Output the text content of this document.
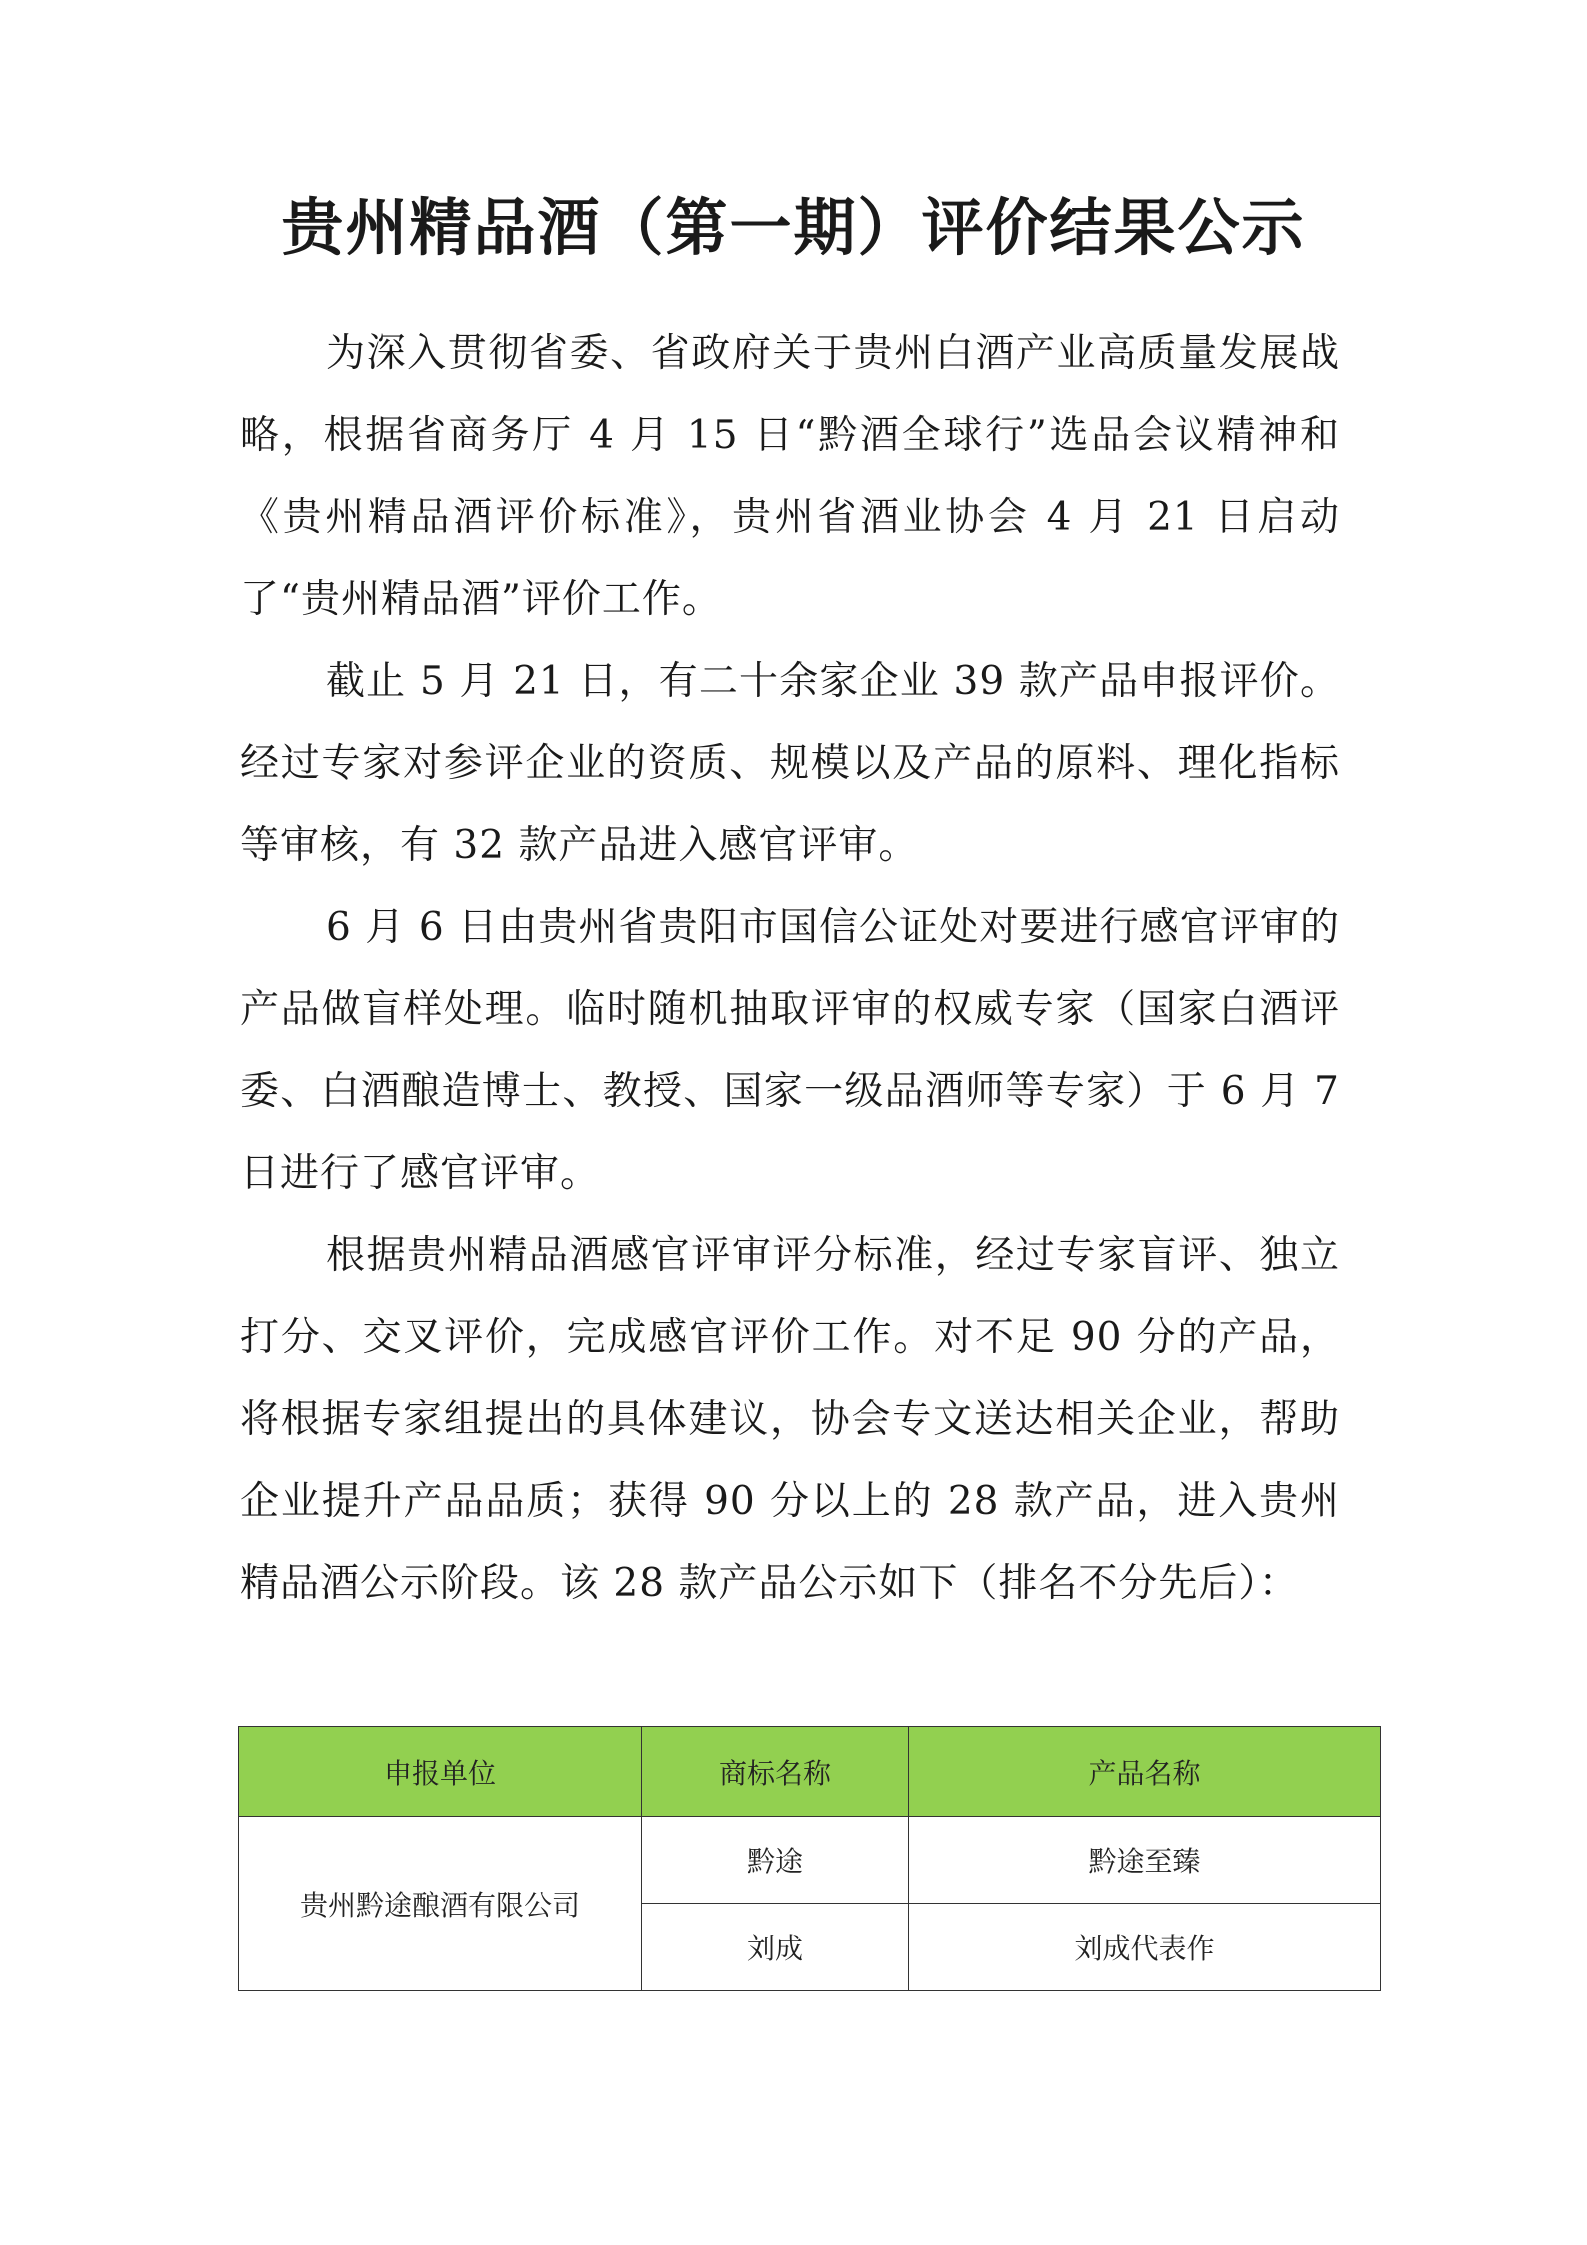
贵州精品酒（第一期）评价结果公示

为深入贯彻省委、省政府关于贵州白酒产业高质量发展战略，根据省商务厅 4 月 15 日“黔酒全球行”选品会议精神和《贵州精品酒评价标准》，贵州省酒业协会 4 月 21 日启动了“贵州精品酒”评价工作。

截止 5 月 21 日，有二十余家企业 39 款产品申报评价。经过专家对参评企业的资质、规模以及产品的原料、理化指标等审核，有 32 款产品进入感官评审。

6 月 6 日由贵州省贵阳市国信公证处对要进行感官评审的产品做盲样处理。临时随机抽取评审的权威专家（国家白酒评委、白酒酿造博士、教授、国家一级品酒师等专家）于 6 月 7 日进行了感官评审。

根据贵州精品酒感官评审评分标准，经过专家盲评、独立打分、交叉评价，完成感官评价工作。对不足 90 分的产品，将根据专家组提出的具体建议，协会专文送达相关企业，帮助企业提升产品品质；获得 90 分以上的 28 款产品，进入贵州精品酒公示阶段。该 28 款产品公示如下（排名不分先后）：

申报单位	商标名称	产品名称
贵州黔途酿酒有限公司	黔途	黔途至臻
	刘成	刘成代表作
